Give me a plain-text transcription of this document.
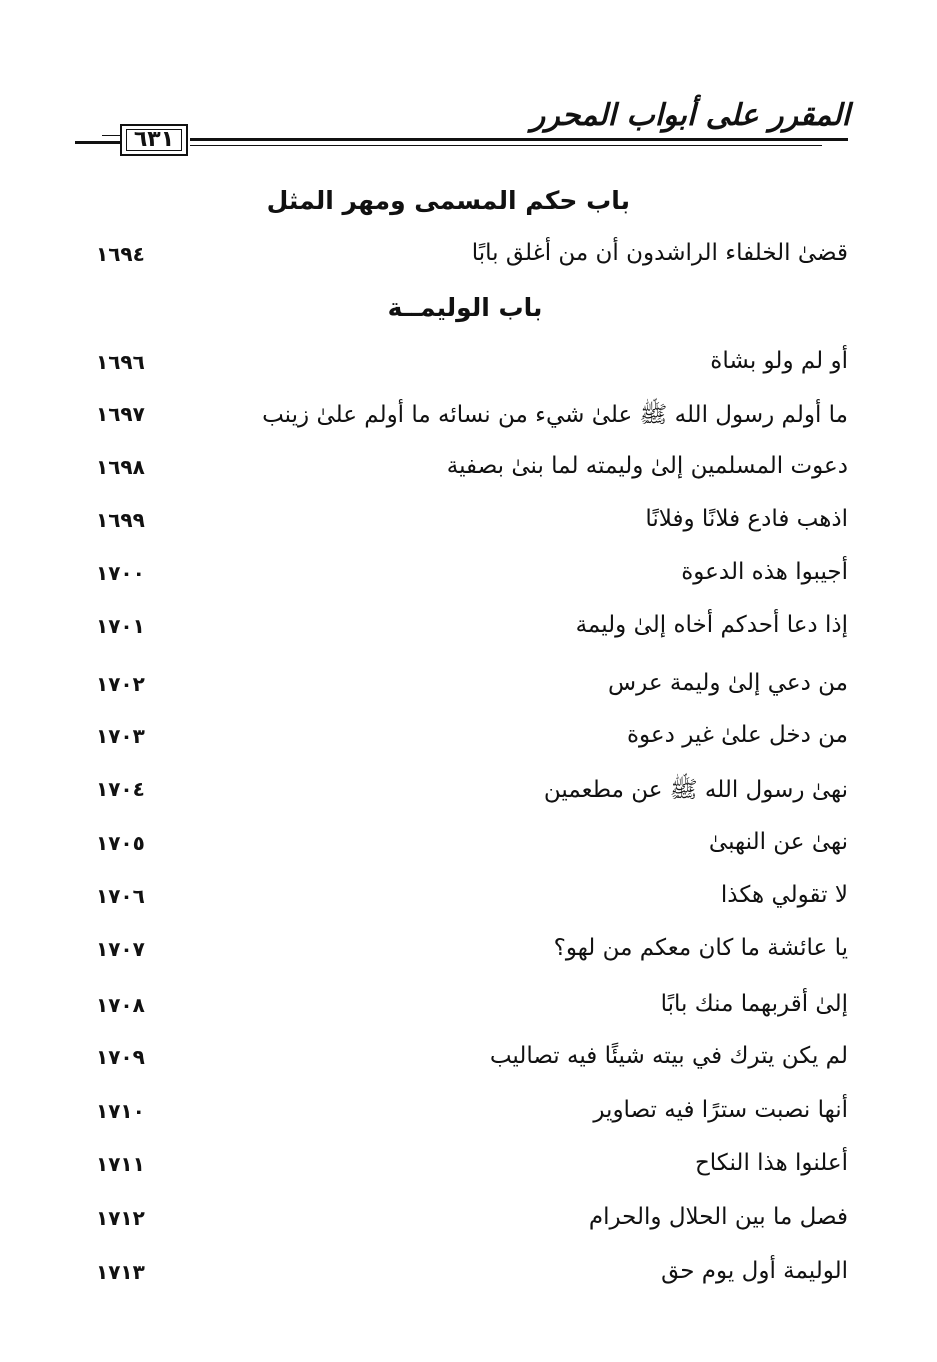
المقرر على أبواب المحرر
٦٣١
باب حكم المسمى ومهر المثل
قضىٰ الخلفاء الراشدون أن من أغلق بابًا
١٦٩٤
باب الوليمــة
أو لم ولو بشاة
١٦٩٦
ما أولم رسول الله ﷺ علىٰ شيء من نسائه ما أولم علىٰ زينب
١٦٩٧
دعوت المسلمين إلىٰ وليمته لما بنىٰ بصفية
١٦٩٨
اذهب فادع فلانًا وفلانًا
١٦٩٩
أجيبوا هذه الدعوة
١٧٠٠
إذا دعا أحدكم أخاه إلىٰ وليمة
١٧٠١
من دعي إلىٰ وليمة عرس
١٧٠٢
من دخل علىٰ غير دعوة
١٧٠٣
نهىٰ رسول الله ﷺ عن مطعمين
١٧٠٤
نهىٰ عن النهبىٰ
١٧٠٥
لا تقولي هكذا
١٧٠٦
يا عائشة ما كان معكم من لهو؟
١٧٠٧
إلىٰ أقربهما منك بابًا
١٧٠٨
لم يكن يترك في بيته شيئًا فيه تصاليب
١٧٠٩
أنها نصبت سترًا فيه تصاوير
١٧١٠
أعلنوا هذا النكاح
١٧١١
فصل ما بين الحلال والحرام
١٧١٢
الوليمة أول يوم حق
١٧١٣
